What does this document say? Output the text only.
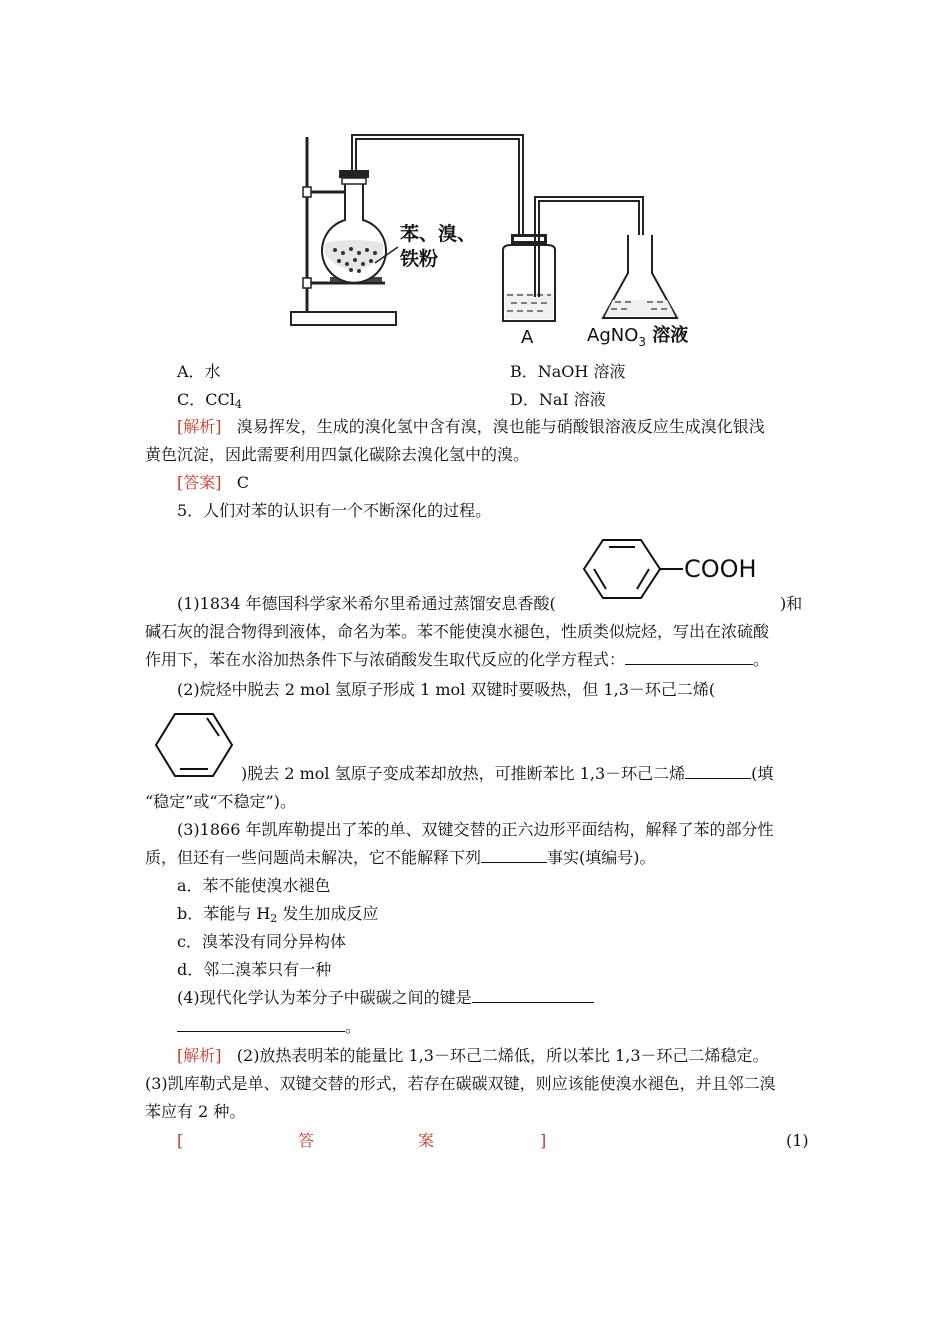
苯、溴、
铁粉
A	AgNO$_3$ 溶液
A．水	B．NaOH 溶液
C．CCl$_4$	D．NaI 溶液
[解析] 溴易挥发，生成的溴化氢中含有溴，溴也能与硝酸银溶液反应生成溴化银浅
黄色沉淀，因此需要利用四氯化碳除去溴化氢中的溴。
[答案] C
5．人们对苯的认识有一个不断深化的过程。
COOH
(1)1834 年德国科学家米希尔里希通过蒸馏安息香酸(	)和
碱石灰的混合物得到液体，命名为苯。苯不能使溴水褪色，性质类似烷烃，写出在浓硫酸
作用下，苯在水浴加热条件下与浓硝酸发生取代反应的化学方程式：	。
(2)烷烃中脱去 2 mol 氢原子形成 1 mol 双键时要吸热，但 1,3－环己二烯(
)脱去 2 mol 氢原子变成苯却放热，可推断苯比 1,3－环己二烯	(填
“稳定”或“不稳定”)。
(3)1866 年凯库勒提出了苯的单、双键交替的正六边形平面结构，解释了苯的部分性
质，但还有一些问题尚未解决，它不能解释下列	事实(填编号)。
a．苯不能使溴水褪色
b．苯能与 $H_2$ 发生加成反应
c．溴苯没有同分异构体
d．邻二溴苯只有一种
(4)现代化学认为苯分子中碳碳之间的键是
。
[解析] (2)放热表明苯的能量比 1,3－环己二烯低，所以苯比 1,3－环己二烯稳定。
(3)凯库勒式是单、双键交替的形式，若存在碳碳双键，则应该能使溴水褪色，并且邻二溴
苯应有 2 种。
[	答	案	]	(1)
